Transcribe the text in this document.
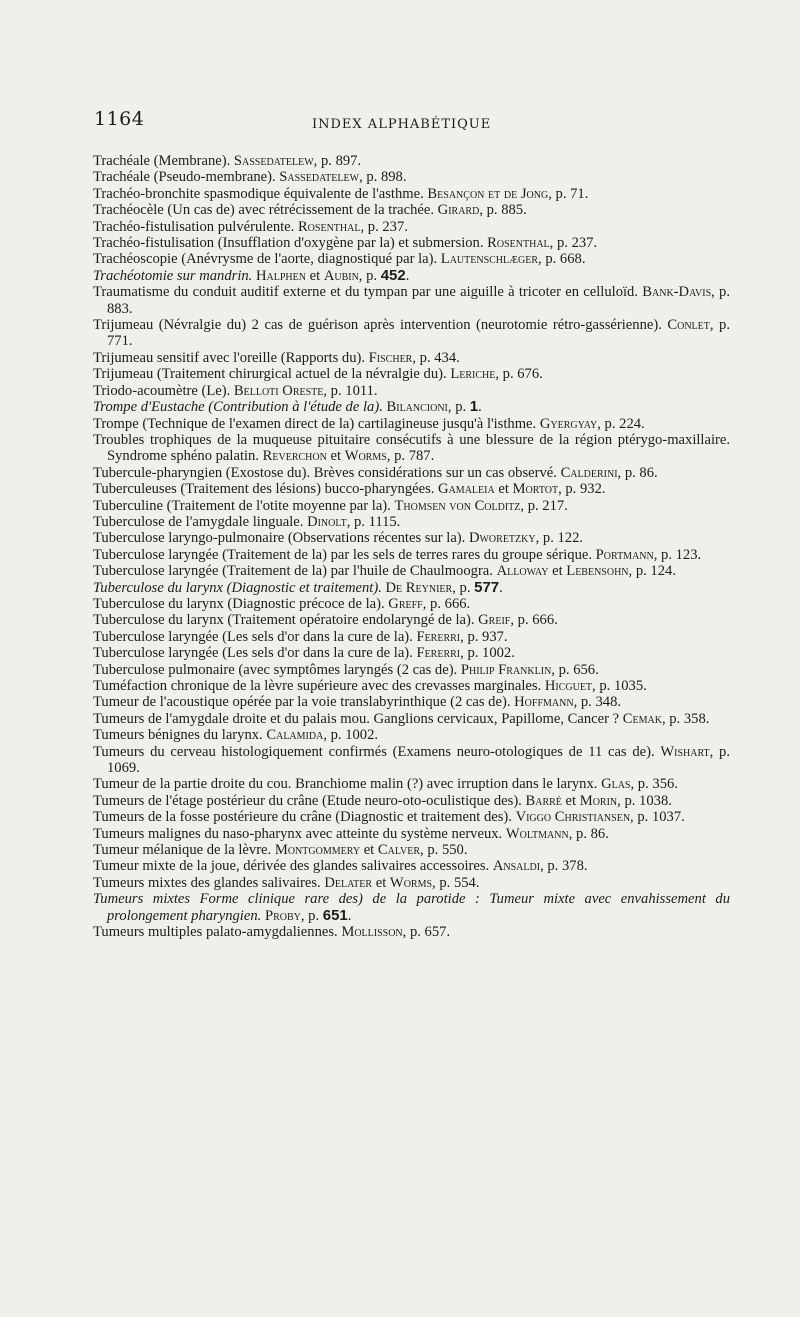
1164	INDEX ALPHABÉTIQUE
Trachéale (Membrane). Sassedatelew, p. 897.
Trachéale (Pseudo-membrane). Sassedatelew, p. 898.
Trachéo-bronchite spasmodique équivalente de l'asthme. Besançon et de Jong, p. 71.
Trachéocèle (Un cas de) avec rétrécissement de la trachée. Girard, p. 885.
Trachéo-fistulisation pulvérulente. Rosenthal, p. 237.
Trachéo-fistulisation (Insufflation d'oxygène par la) et submersion. Rosenthal, p. 237.
Trachéoscopie (Anévrysme de l'aorte, diagnostiqué par la). Lautenschlæger, p. 668.
Trachéotomie sur mandrin. Halphen et Aubin, p. 452.
Traumatisme du conduit auditif externe et du tympan par une aiguille à tricoter en celluloïd. Bank-Davis, p. 883.
Trijumeau (Névralgie du) 2 cas de guérison après intervention (neurotomie rétro-gassérienne). Conlet, p. 771.
Trijumeau sensitif avec l'oreille (Rapports du). Fischer, p. 434.
Trijumeau (Traitement chirurgical actuel de la névralgie du). Leriche, p. 676.
Triodo-acoumètre (Le). Belloti Oreste, p. 1011.
Trompe d'Eustache (Contribution à l'étude de la). Bilancioni, p. 1.
Trompe (Technique de l'examen direct de la) cartilagineuse jusqu'à l'isthme. Gyergyay, p. 224.
Troubles trophiques de la muqueuse pituitaire consécutifs à une blessure de la région ptérygo-maxillaire. Syndrome sphéno palatin. Reverchon et Worms, p. 787.
Tubercule-pharyngien (Exostose du). Brèves considérations sur un cas observé. Calderini, p. 86.
Tuberculeuses (Traitement des lésions) bucco-pharyngées. Gamaleia et Mortot, p. 932.
Tuberculine (Traitement de l'otite moyenne par la). Thomsen von Colditz, p. 217.
Tuberculose de l'amygdale linguale. Dinolt, p. 1115.
Tuberculose laryngo-pulmonaire (Observations récentes sur la). Dworetzky, p. 122.
Tuberculose laryngée (Traitement de la) par les sels de terres rares du groupe sérique. Portmann, p. 123.
Tuberculose laryngée (Traitement de la) par l'huile de Chaulmoogra. Alloway et Lebensohn, p. 124.
Tuberculose du larynx (Diagnostic et traitement). De Reynier, p. 577.
Tuberculose du larynx (Diagnostic précoce de la). Greff, p. 666.
Tuberculose du larynx (Traitement opératoire endolaryngé de la). Greif, p. 666.
Tuberculose laryngée (Les sels d'or dans la cure de la). Fererri, p. 937.
Tuberculose laryngée (Les sels d'or dans la cure de la). Fererri, p. 1002.
Tuberculose pulmonaire (avec symptômes laryngés (2 cas de). Philip Franklin, p. 656.
Tuméfaction chronique de la lèvre supérieure avec des crevasses marginales. Hicguet, p. 1035.
Tumeur de l'acoustique opérée par la voie translabyrinthique (2 cas de). Hoffmann, p. 348.
Tumeurs de l'amygdale droite et du palais mou. Ganglions cervicaux, Papillome, Cancer ? Cemak, p. 358.
Tumeurs bénignes du larynx. Calamida, p. 1002.
Tumeurs du cerveau histologiquement confirmés (Examens neuro-otologiques de 11 cas de). Wishart, p. 1069.
Tumeur de la partie droite du cou. Branchiome malin (?) avec irruption dans le larynx. Glas, p. 356.
Tumeurs de l'étage postérieur du crâne (Etude neuro-oto-oculistique des). Barré et Morin, p. 1038.
Tumeurs de la fosse postérieure du crâne (Diagnostic et traitement des). Viggo Christiansen, p. 1037.
Tumeurs malignes du naso-pharynx avec atteinte du système nerveux. Woltmann, p. 86.
Tumeur mélanique de la lèvre. Montgommery et Calver, p. 550.
Tumeur mixte de la joue, dérivée des glandes salivaires accessoires. Ansaldi, p. 378.
Tumeurs mixtes des glandes salivaires. Delater et Worms, p. 554.
Tumeurs mixtes Forme clinique rare des) de la parotide : Tumeur mixte avec envahissement du prolongement pharyngien. Proby, p. 651.
Tumeurs multiples palato-amygdaliennes. Mollisson, p. 657.
